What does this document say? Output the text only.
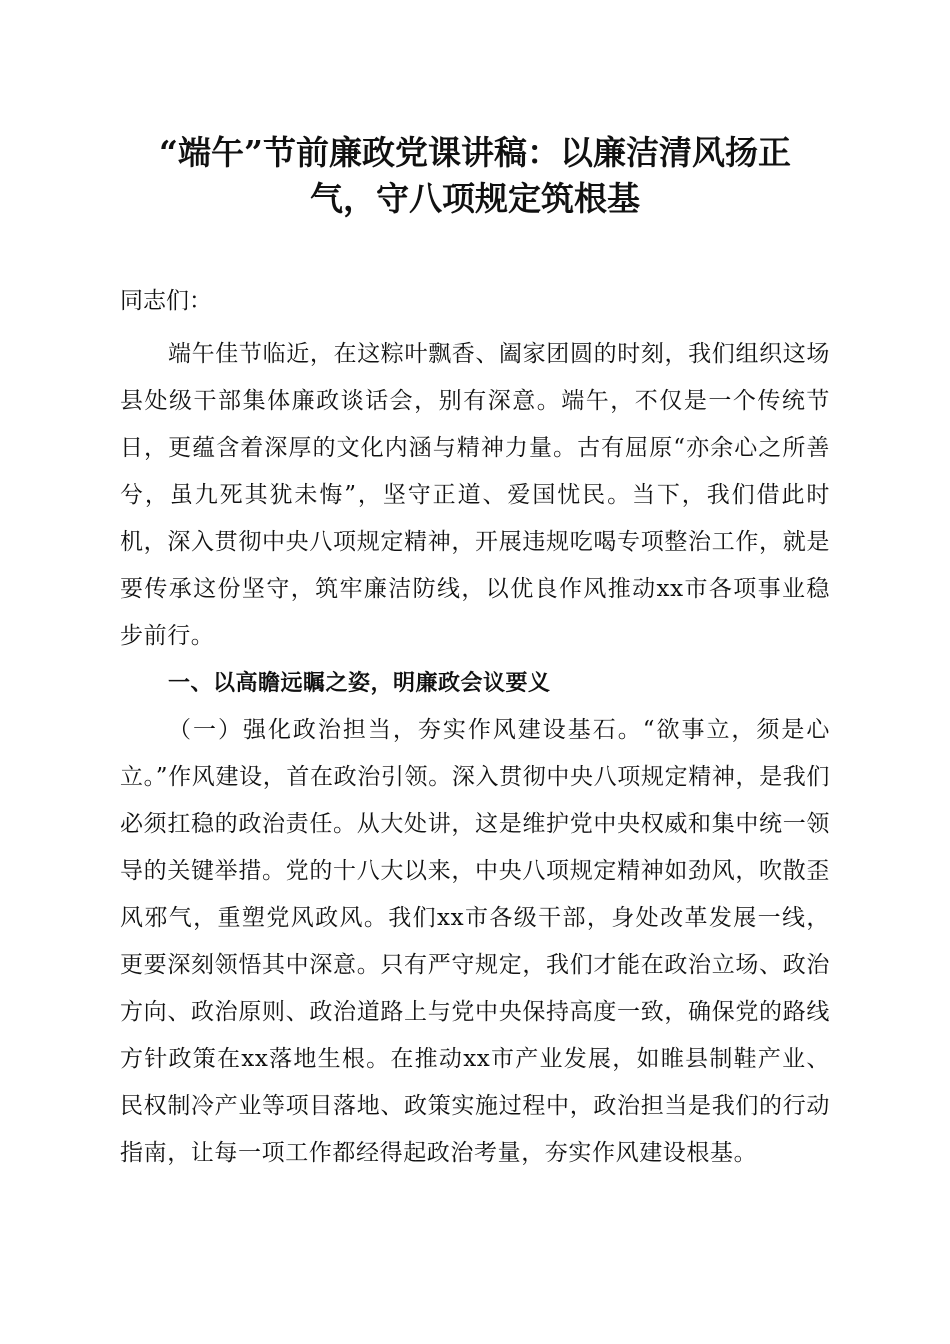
“端午”节前廉政党课讲稿：以廉洁清风扬正
气，守八项规定筑根基

同志们：

端午佳节临近，在这粽叶飘香、阖家团圆的时刻，我们组织这场县处级干部集体廉政谈话会，别有深意。端午，不仅是一个传统节日，更蕴含着深厚的文化内涵与精神力量。古有屈原“亦余心之所善兮，虽九死其犹未悔”，坚守正道、爱国忧民。当下，我们借此时机，深入贯彻中央八项规定精神，开展违规吃喝专项整治工作，就是要传承这份坚守，筑牢廉洁防线，以优良作风推动xx市各项事业稳步前行。

一、以高瞻远瞩之姿，明廉政会议要义

（一）强化政治担当，夯实作风建设基石。“欲事立，须是心立。”作风建设，首在政治引领。深入贯彻中央八项规定精神，是我们必须扛稳的政治责任。从大处讲，这是维护党中央权威和集中统一领导的关键举措。党的十八大以来，中央八项规定精神如劲风，吹散歪风邪气，重塑党风政风。我们xx市各级干部，身处改革发展一线，更要深刻领悟其中深意。只有严守规定，我们才能在政治立场、政治方向、政治原则、政治道路上与党中央保持高度一致，确保党的路线方针政策在xx落地生根。在推动xx市产业发展，如睢县制鞋产业、民权制冷产业等项目落地、政策实施过程中，政治担当是我们的行动指南，让每一项工作都经得起政治考量，夯实作风建设根基。
